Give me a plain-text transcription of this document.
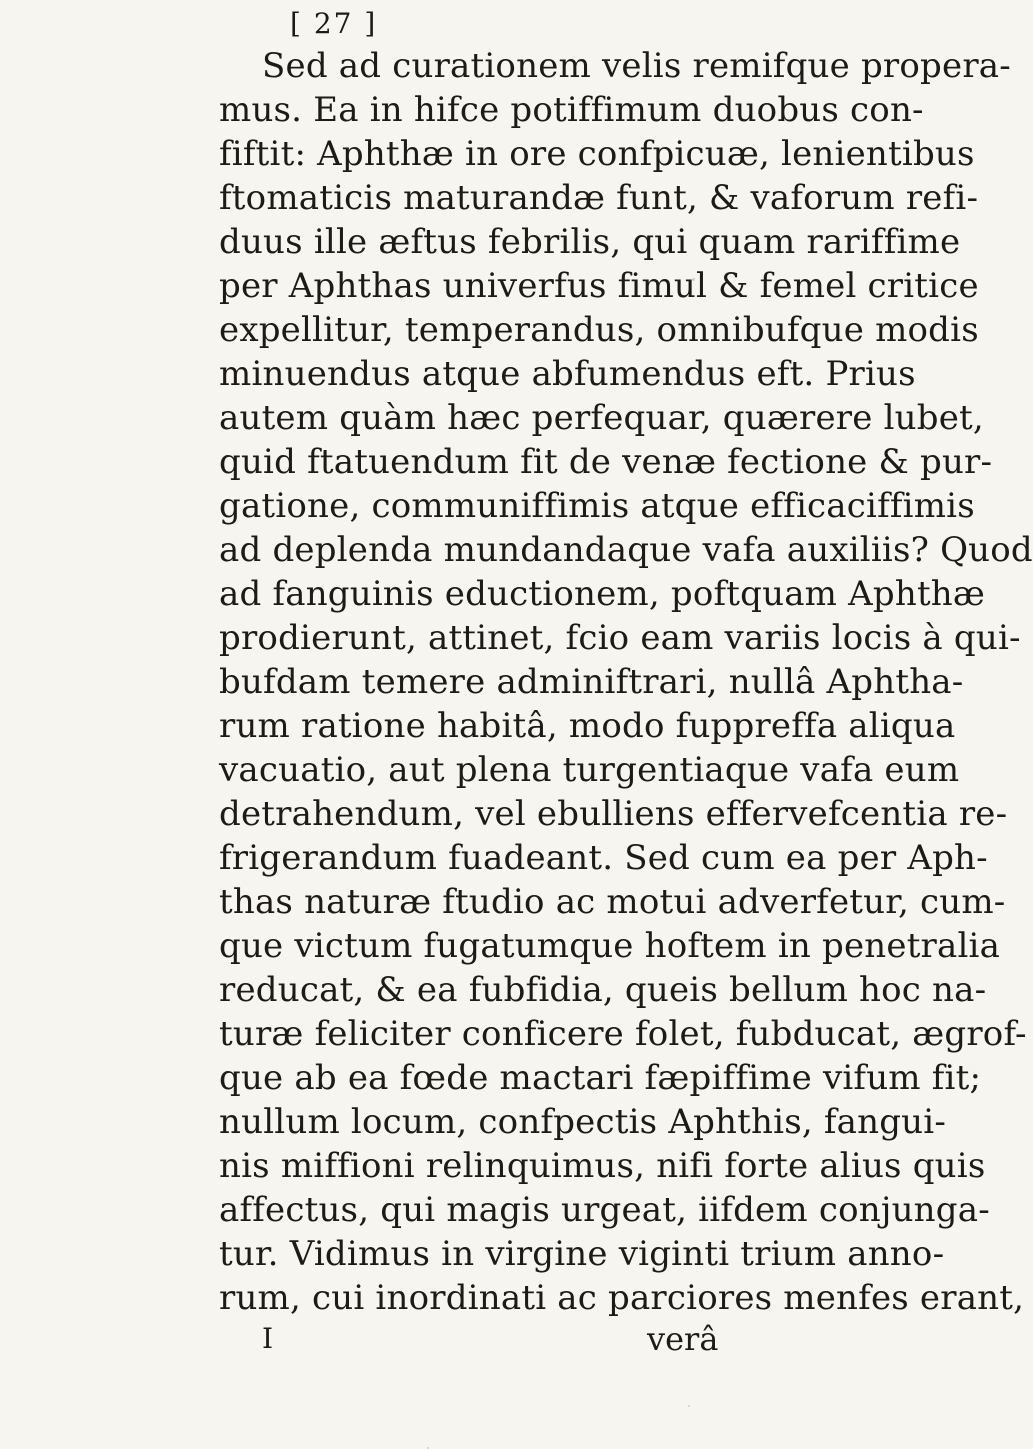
[ 27 ]
Sed ad curationem velis remifque propera-
mus. Ea in hifce potiffimum duobus con-
fiftit: Aphthæ in ore confpicuæ, lenientibus
ftomaticis maturandæ funt, & vaforum refi-
duus ille æftus febrilis, qui quam rariffime
per Aphthas univerfus fimul & femel critice
expellitur, temperandus, omnibufque modis
minuendus atque abfumendus eft. Prius
autem quàm hæc perfequar, quærere lubet,
quid ftatuendum fit de venæ fectione & pur-
gatione, communiffimis atque efficaciffimis
ad deplenda mundandaque vafa auxiliis? Quod
ad fanguinis eductionem, poftquam Aphthæ
prodierunt, attinet, fcio eam variis locis à qui-
bufdam temere adminiftrari, nullâ Aphtha-
rum ratione habitâ, modo fuppreffa aliqua
vacuatio, aut plena turgentiaque vafa eum
detrahendum, vel ebulliens effervefcentia re-
frigerandum fuadeant. Sed cum ea per Aph-
thas naturæ ftudio ac motui adverfetur, cum-
que victum fugatumque hoftem in penetralia
reducat, & ea fubfidia, queis bellum hoc na-
turæ feliciter conficere folet, fubducat, ægrof-
que ab ea fœde mactari fæpiffime vifum fit;
nullum locum, confpectis Aphthis, fangui-
nis miffioni relinquimus, nifi forte alius quis
affectus, qui magis urgeat, iifdem conjunga-
tur. Vidimus in virgine viginti trium anno-
rum, cui inordinati ac parciores menfes erant,
I	verâ
